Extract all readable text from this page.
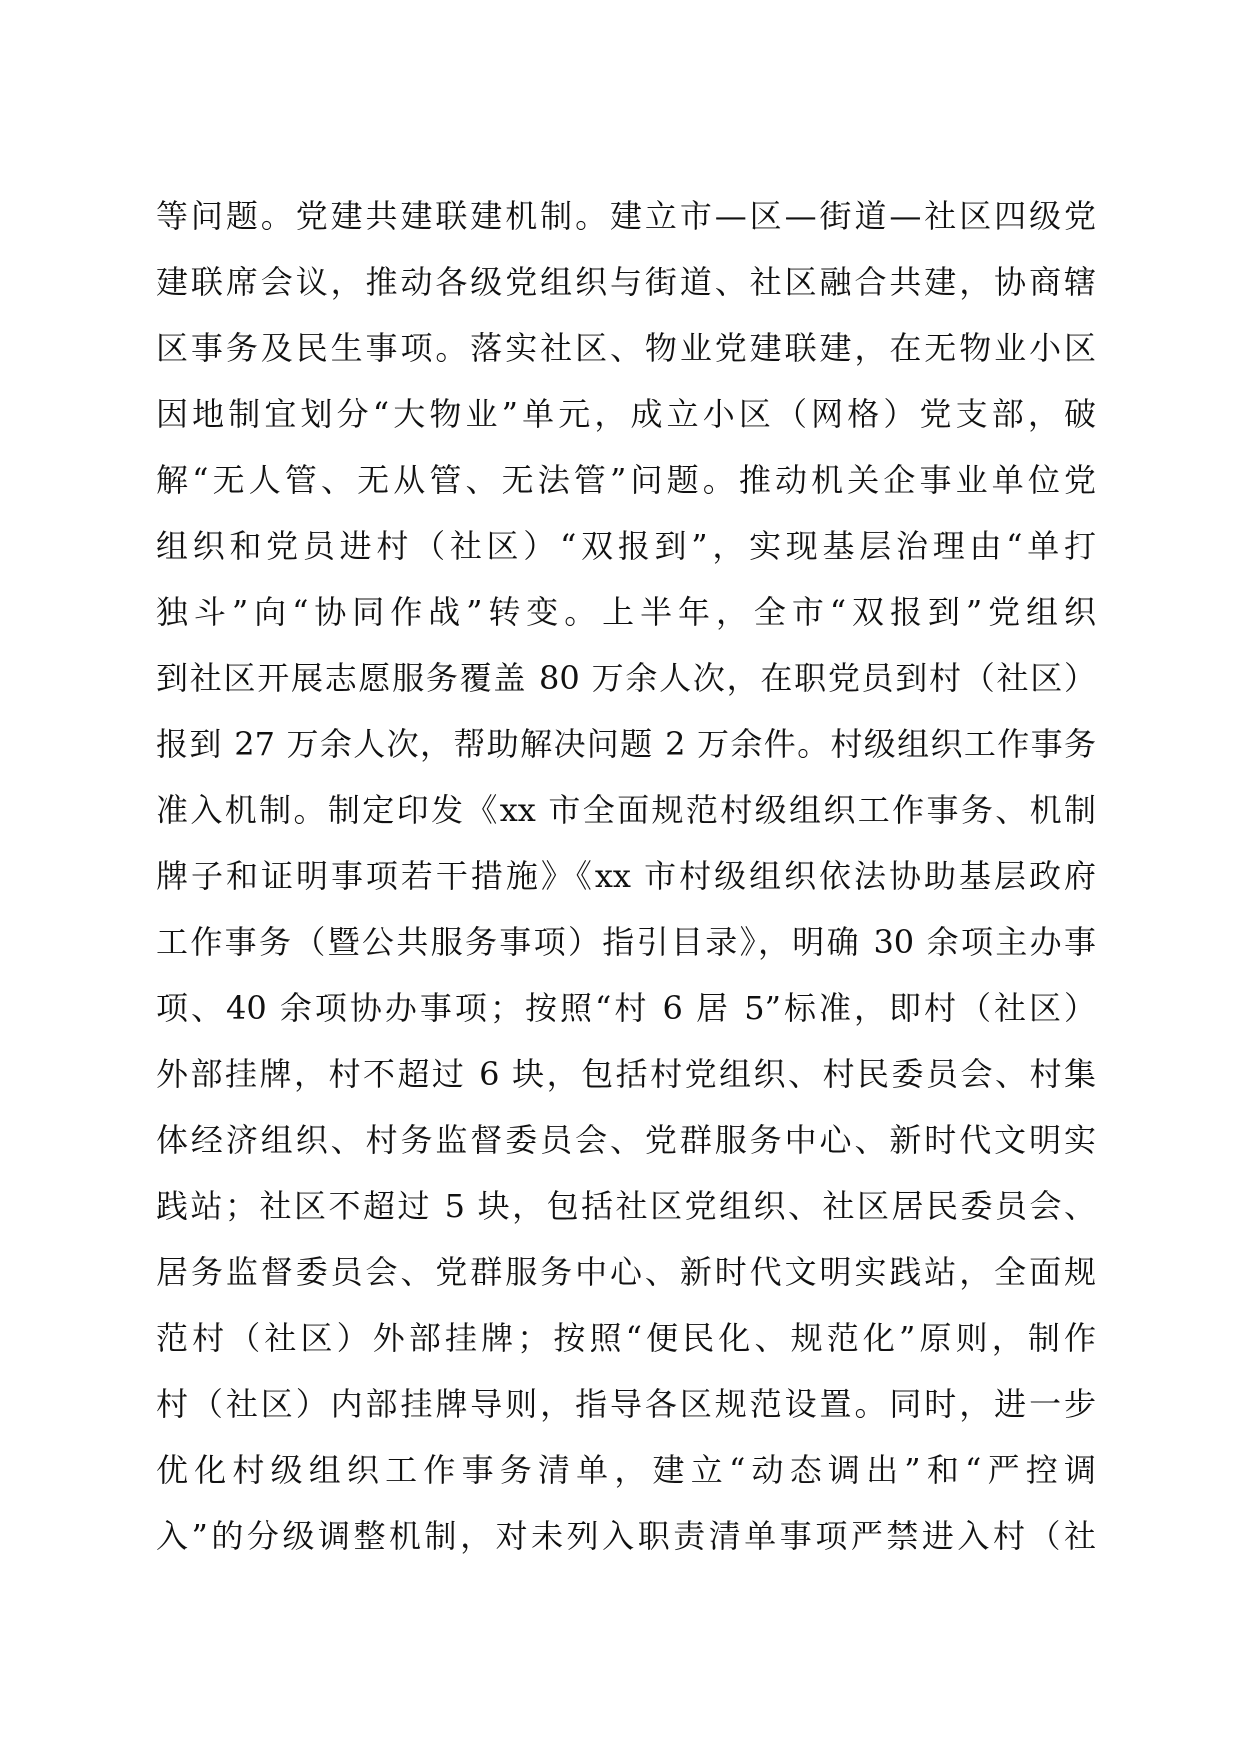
等问题。党建共建联建机制。建立市—区—街道—社区四级党
建联席会议，推动各级党组织与街道、社区融合共建，协商辖
区事务及民生事项。落实社区、物业党建联建，在无物业小区
因地制宜划分“大物业”单元，成立小区（网格）党支部，破
解“无人管、无从管、无法管”问题。推动机关企事业单位党
组织和党员进村（社区）“双报到”，实现基层治理由“单打
独斗”向“协同作战”转变。上半年，全市“双报到”党组织
到社区开展志愿服务覆盖 80 万余人次，在职党员到村（社区）
报到 27 万余人次，帮助解决问题 2 万余件。村级组织工作事务
准入机制。制定印发《xx 市全面规范村级组织工作事务、机制
牌子和证明事项若干措施》《xx 市村级组织依法协助基层政府
工作事务（暨公共服务事项）指引目录》，明确 30 余项主办事
项、40 余项协办事项；按照“村 6 居 5”标准，即村（社区）
外部挂牌，村不超过 6 块，包括村党组织、村民委员会、村集
体经济组织、村务监督委员会、党群服务中心、新时代文明实
践站；社区不超过 5 块，包括社区党组织、社区居民委员会、
居务监督委员会、党群服务中心、新时代文明实践站，全面规
范村（社区）外部挂牌；按照“便民化、规范化”原则，制作
村（社区）内部挂牌导则，指导各区规范设置。同时，进一步
优化村级组织工作事务清单，建立“动态调出”和“严控调
入”的分级调整机制，对未列入职责清单事项严禁进入村（社
